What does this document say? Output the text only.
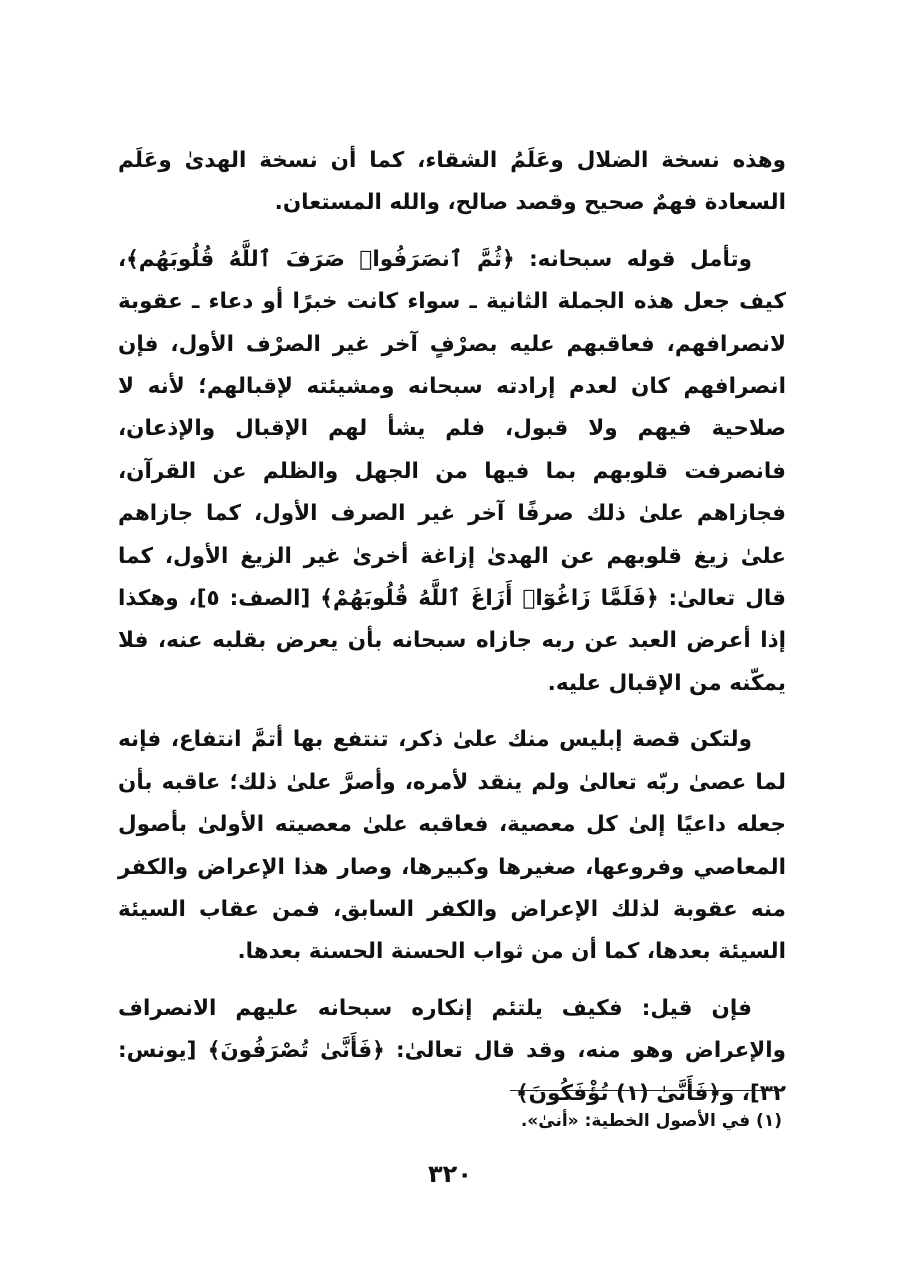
وهذه نسخة الضلال وعَلَمُ الشقاء، كما أن نسخة الهدىٰ وعَلَم السعادة فهمٌ صحيح وقصد صالح، والله المستعان.

وتأمل قوله سبحانه: ﴿ثُمَّ ٱنصَرَفُوا۟ صَرَفَ ٱللَّهُ قُلُوبَهُم﴾، كيف جعل هذه الجملة الثانية ـ سواء كانت خبرًا أو دعاء ـ عقوبة لانصرافهم، فعاقبهم عليه بصرْفٍ آخر غير الصرْف الأول، فإن انصرافهم كان لعدم إرادته سبحانه ومشيئته لإقبالهم؛ لأنه لا صلاحية فيهم ولا قبول، فلم يشأ لهم الإقبال والإذعان، فانصرفت قلوبهم بما فيها من الجهل والظلم عن القرآن، فجازاهم علىٰ ذلك صرفًا آخر غير الصرف الأول، كما جازاهم علىٰ زيغ قلوبهم عن الهدىٰ إزاغة أخرىٰ غير الزيغ الأول، كما قال تعالىٰ: ﴿فَلَمَّا زَاغُوٓا۟ أَزَاغَ ٱللَّهُ قُلُوبَهُمْ﴾ [الصف: ٥]، وهكذا إذا أعرض العبد عن ربه جازاه سبحانه بأن يعرض بقلبه عنه، فلا يمكّنه من الإقبال عليه.

ولتكن قصة إبليس منك علىٰ ذكر، تنتفع بها أتمَّ انتفاع، فإنه لما عصىٰ ربّه تعالىٰ ولم ينقد لأمره، وأصرَّ علىٰ ذلك؛ عاقبه بأن جعله داعيًا إلىٰ كل معصية، فعاقبه علىٰ معصيته الأولىٰ بأصول المعاصي وفروعها، صغيرها وكبيرها، وصار هذا الإعراض والكفر منه عقوبة لذلك الإعراض والكفر السابق، فمن عقاب السيئة السيئة بعدها، كما أن من ثواب الحسنة الحسنة بعدها.

فإن قيل: فكيف يلتئم إنكاره سبحانه عليهم الانصراف والإعراض وهو منه، وقد قال تعالىٰ: ﴿فَأَنَّىٰ تُصْرَفُونَ﴾ [يونس: ٣٢]، و﴿فَأَنَّىٰ (١) تُؤْفَكُونَ﴾

(١) في الأصول الخطية: «أنىٰ».
٣٢٠
